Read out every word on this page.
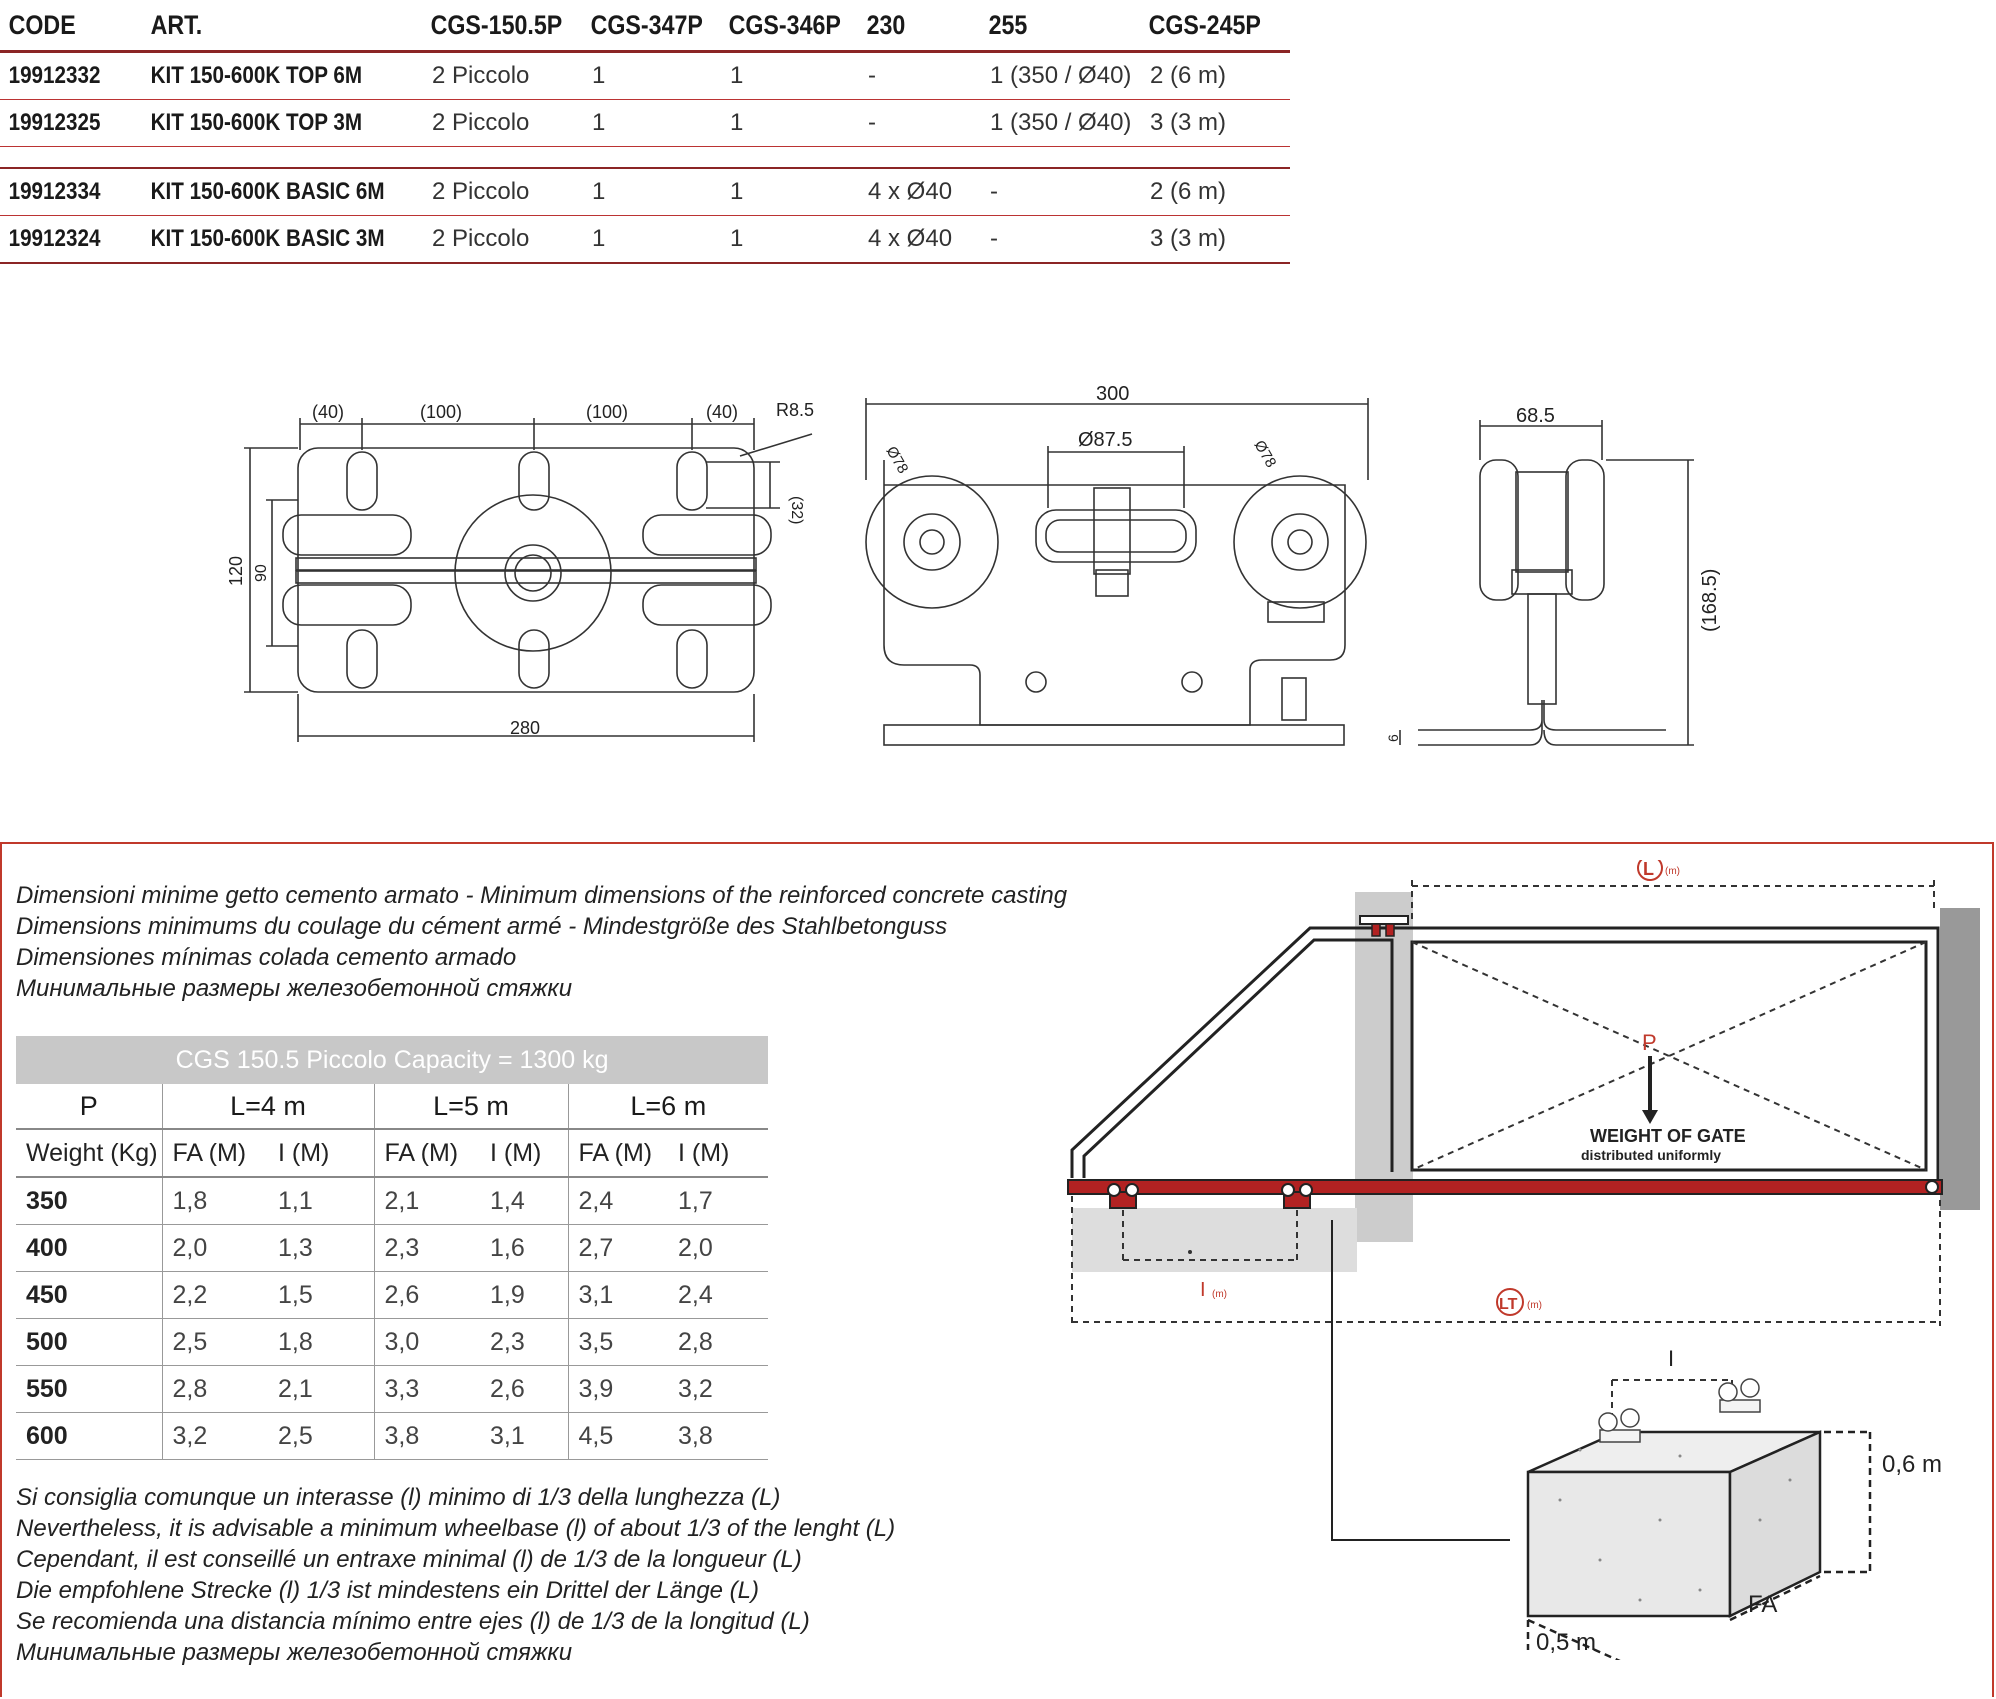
CODE	ART.	CGS-150.5P	CGS-347P	CGS-346P	230	255	CGS-245P
19912332	KIT 150-600K TOP 6M	2 Piccolo	1	1	-	1 (350 / Ø40)	2 (6 m)
19912325	KIT 150-600K TOP 3M	2 Piccolo	1	1	-	1 (350 / Ø40)	3 (3 m)

19912334	KIT 150-600K BASIC 6M	2 Piccolo	1	1	4 x Ø40	-	2 (6 m)
19912324	KIT 150-600K BASIC 3M	2 Piccolo	1	1	4 x Ø40	-	3 (3 m)
(40)	(100)	(100)	(40) R8.5
(32)
120 90
280
300
Ø87.5
Ø78	Ø78
68.5
(168.5)
6
Dimensioni minime getto cemento armato - Minimum dimensions of the reinforced concrete casting
Dimensions minimums du coulage du cément armé - Mindestgröße des Stahlbetonguss
Dimensiones mínimas colada cemento armado
Минимальные размеры железобетонной стяжки
CGS 150.5 Piccolo Capacity = 1300 kg						
P	L=4 m		L=5 m		L=6 m	
Weight (Kg)	FA (M)	I (M)	FA (M)	I (M)	FA (M)	I (M)
350	1,8	1,1	2,1	1,4	2,4	1,7
400	2,0	1,3	2,3	1,6	2,7	2,0
450	2,2	1,5	2,6	1,9	3,1	2,4
500	2,5	1,8	3,0	2,3	3,5	2,8
550	2,8	2,1	3,3	2,6	3,9	3,2
600	3,2	2,5	3,8	3,1	4,5	3,8
Si consiglia comunque un interasse (l) minimo di 1/3 della lunghezza (L)
Nevertheless, it is advisable a minimum wheelbase (l) of about 1/3 of the lenght (L)
Cependant, il est conseillé un entraxe minimal (l) de 1/3 de la longueur (L)
Die empfohlene Strecke (l) 1/3 ist mindestens ein Drittel der Länge (L)
Se recomienda una distancia mínimo entre ejes (l) de 1/3 de la longitud (L)
Минимальные размеры железобетонной стяжки
P
WEIGHT OF GATE
distributed uniformly
L (m)
I (m)
LT (m)
I
0,6 m
0,5 m
FA
